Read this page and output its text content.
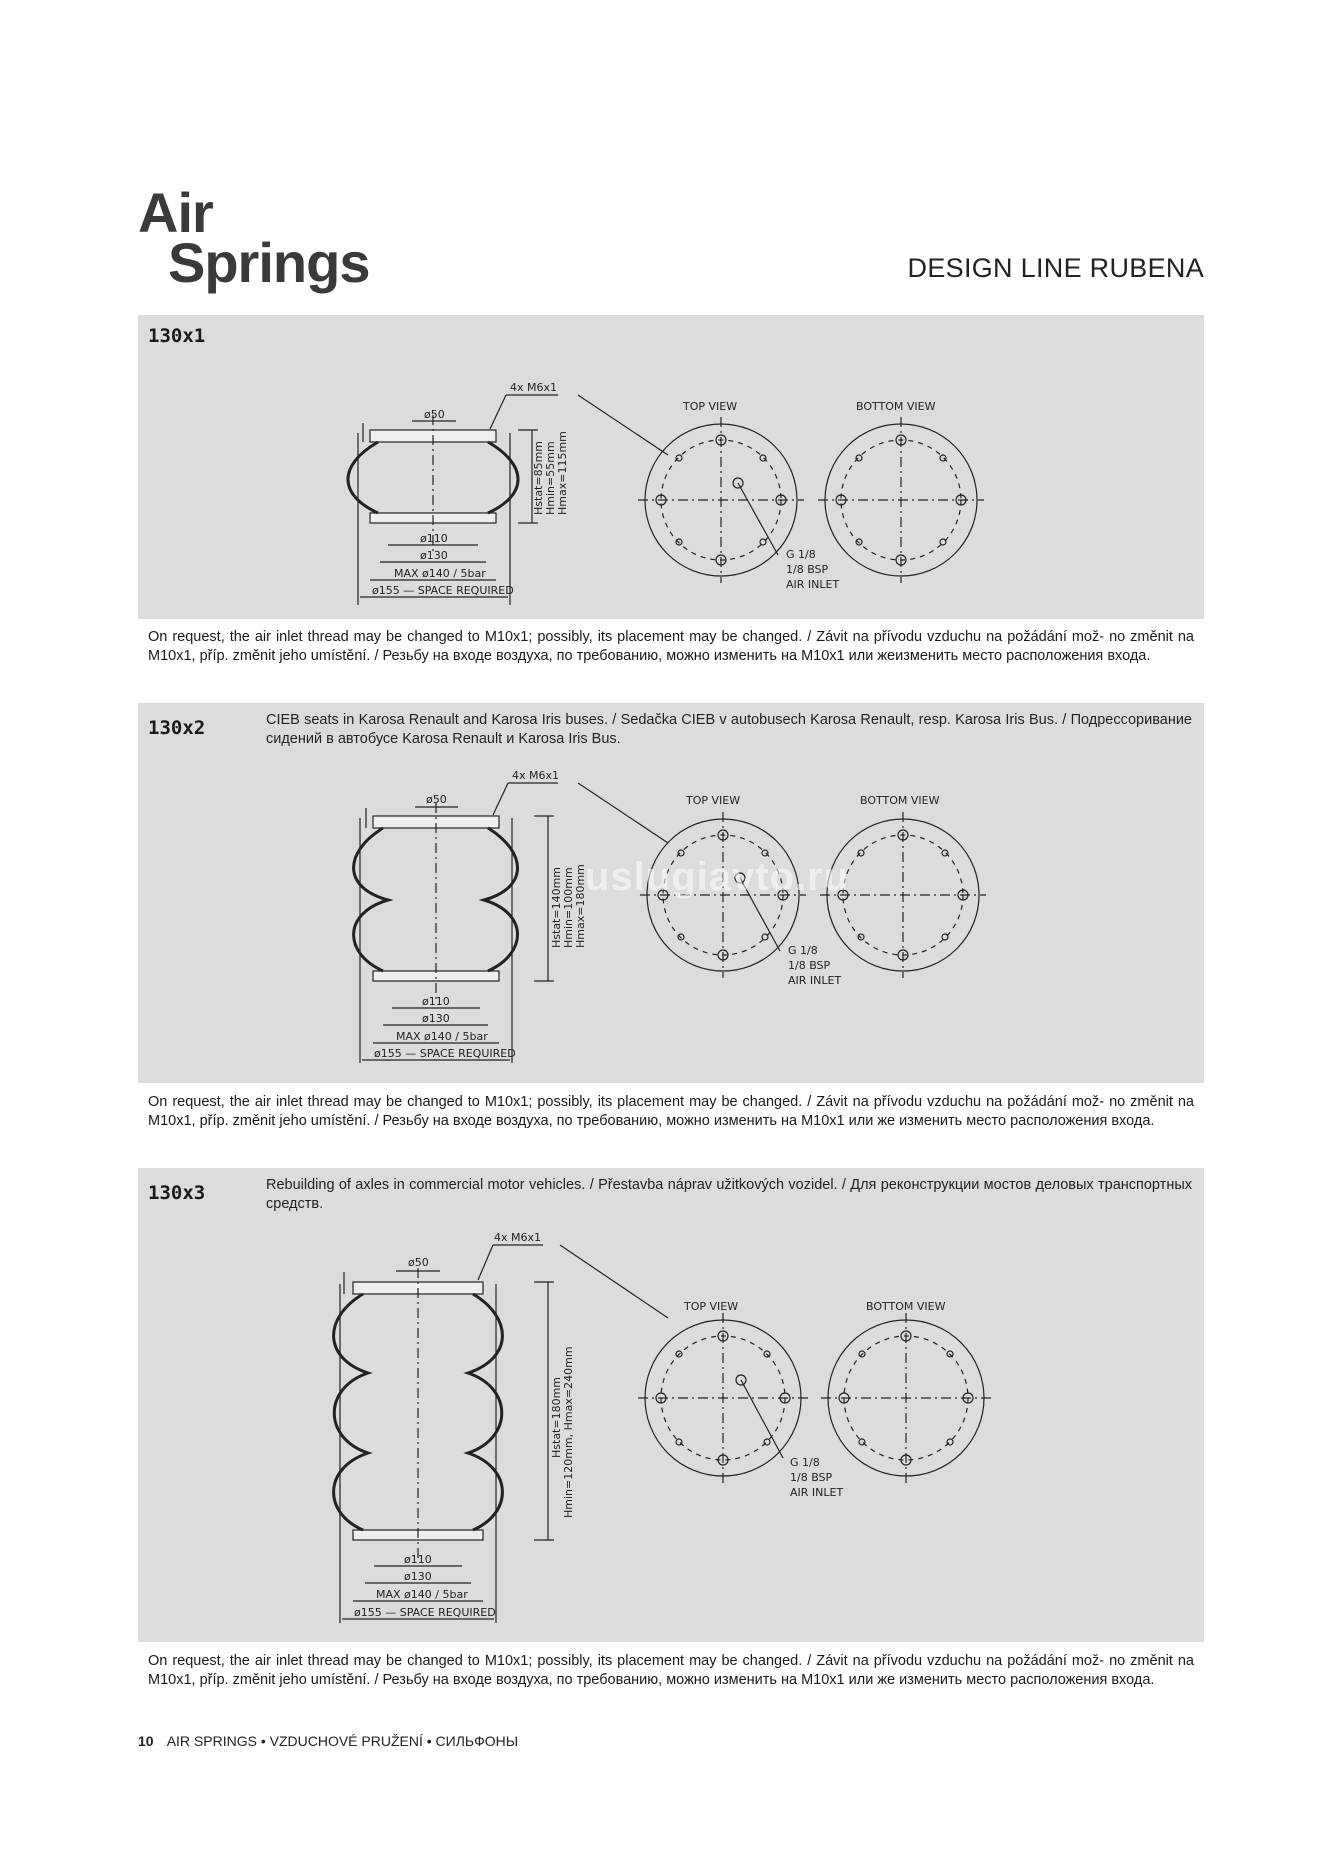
Air
Springs	DESIGN LINE RUBENA
130x1
ø50
4x M6x1
ø110
ø130
MAX ø140 / 5bar
ø155 — SPACE REQUIRED
TOP VIEW	BOTTOM VIEW
G 1/8
1/8 BSP
AIR INLET
Hstat=85mm Hmin=55mm Hmax=115mm
On request, the air inlet thread may be changed to M10x1; possibly, its placement may be changed. / Závit na přívodu vzduchu na požádání mož- no změnit na M10x1, příp. změnit jeho umístění. / Резьбу на входе воздуха, по требованию, можно изменить на M10x1 или жеизменить место расположения входа.
130x2	CIEB seats in Karosa Renault and Karosa Iris buses. / Sedačka CIEB v autobusech Karosa Renault, resp. Karosa Iris Bus. / Подрессоривание сидений в автобусе Karosa Renault и Karosa Iris Bus.
ø50
4x M6x1
ø110
ø130
MAX ø140 / 5bar
ø155 — SPACE REQUIRED
TOP VIEW	BOTTOM VIEW
G 1/8
1/8 BSP
AIR INLET
Hstat=140mm Hmin=100mm Hmax=180mm
On request, the air inlet thread may be changed to M10x1; possibly, its placement may be changed. / Závit na přívodu vzduchu na požádání mož- no změnit na M10x1, příp. změnit jeho umístění. / Резьбу на входе воздуха, по требованию, можно изменить на M10x1 или же изменить место расположения входа.
130x3	Rebuilding of axles in commercial motor vehicles. / Přestavba náprav užitkových vozidel. / Для реконструкции мостов деловых транспортных средств.
ø50
4x M6x1
ø110
ø130
MAX ø140 / 5bar
ø155 — SPACE REQUIRED
TOP VIEW	BOTTOM VIEW
G 1/8
1/8 BSP
AIR INLET
Hstat=180mm Hmin=120mm, Hmax=240mm
On request, the air inlet thread may be changed to M10x1; possibly, its placement may be changed. / Závit na přívodu vzduchu na požádání mož- no změnit na M10x1, příp. změnit jeho umístění. / Резьбу на входе воздуха, по требованию, можно изменить на M10x1 или же изменить место расположения входа.
uslugiavto.ru
10 AIR SPRINGS • VZDUCHOVÉ PRUŽENÍ • СИЛЬФОНЫ
